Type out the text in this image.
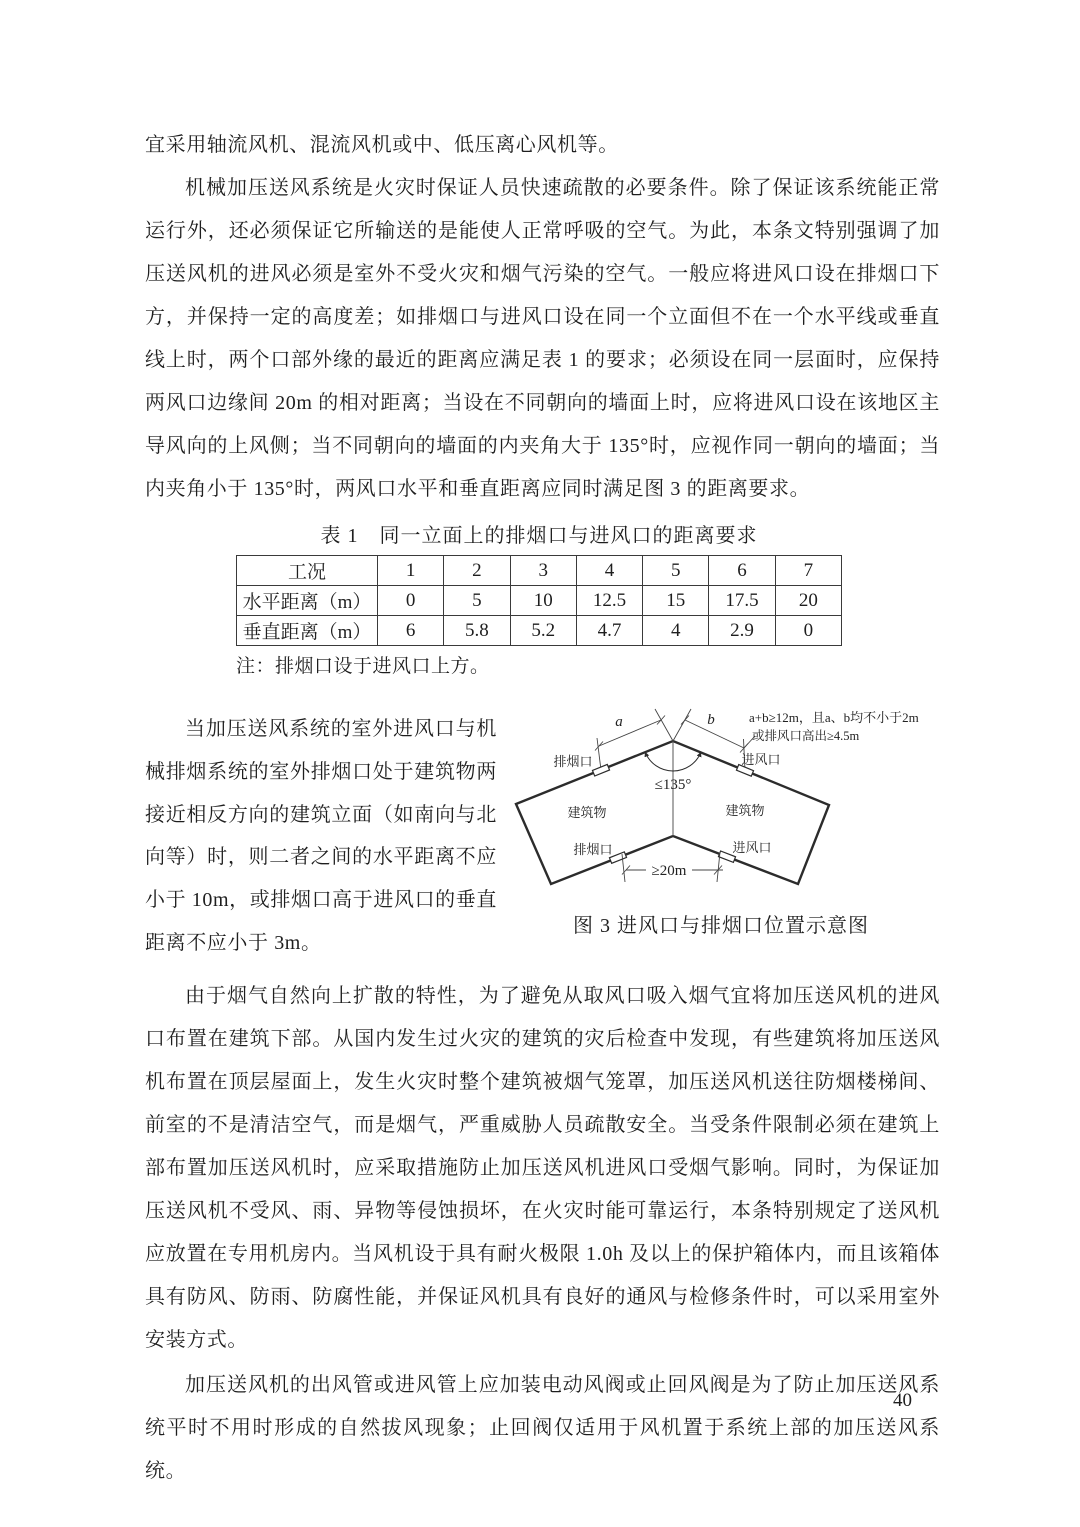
宜采用轴流风机、混流风机或中、低压离心风机等。

机械加压送风系统是火灾时保证人员快速疏散的必要条件。除了保证该系统能正常运行外，还必须保证它所输送的是能使人正常呼吸的空气。为此，本条文特别强调了加压送风机的进风必须是室外不受火灾和烟气污染的空气。一般应将进风口设在排烟口下方，并保持一定的高度差；如排烟口与进风口设在同一个立面但不在一个水平线或垂直线上时，两个口部外缘的最近的距离应满足表 1 的要求；必须设在同一层面时，应保持两风口边缘间 20m 的相对距离；当设在不同朝向的墙面上时，应将进风口设在该地区主导风向的上风侧；当不同朝向的墙面的内夹角大于 135°时，应视作同一朝向的墙面；当内夹角小于 135°时，两风口水平和垂直距离应同时满足图 3 的距离要求。

表 1　同一立面上的排烟口与进风口的距离要求
工况	1	2	3	4	5	6	7
水平距离（m）	0	5	10	12.5	15	17.5	20
垂直距离（m）	6	5.8	5.2	4.7	4	2.9	0
注：排烟口设于进风口上方。

当加压送风系统的室外进风口与机械排烟系统的室外排烟口处于建筑物两接近相反方向的建筑立面（如南向与北向等）时，则二者之间的水平距离不应小于 10m，或排烟口高于进风口的垂直距离不应小于 3m。

≤135°
a	b	a+b≥12m，且a、b均不小于2m
或排风口高出≥4.5m
排烟口	进风口
排烟口	进风口
建筑物	建筑物
≥20m
图 3 进风口与排烟口位置示意图

由于烟气自然向上扩散的特性，为了避免从取风口吸入烟气宜将加压送风机的进风口布置在建筑下部。从国内发生过火灾的建筑的灾后检查中发现，有些建筑将加压送风机布置在顶层屋面上，发生火灾时整个建筑被烟气笼罩，加压送风机送往防烟楼梯间、前室的不是清洁空气，而是烟气，严重威胁人员疏散安全。当受条件限制必须在建筑上部布置加压送风机时，应采取措施防止加压送风机进风口受烟气影响。同时，为保证加压送风机不受风、雨、异物等侵蚀损坏，在火灾时能可靠运行，本条特别规定了送风机应放置在专用机房内。当风机设于具有耐火极限 1.0h 及以上的保护箱体内，而且该箱体具有防风、防雨、防腐性能，并保证风机具有良好的通风与检修条件时，可以采用室外安装方式。

加压送风机的出风管或进风管上应加装电动风阀或止回风阀是为了防止加压送风系统平时不用时形成的自然拔风现象；止回阀仅适用于风机置于系统上部的加压送风系统。

40
